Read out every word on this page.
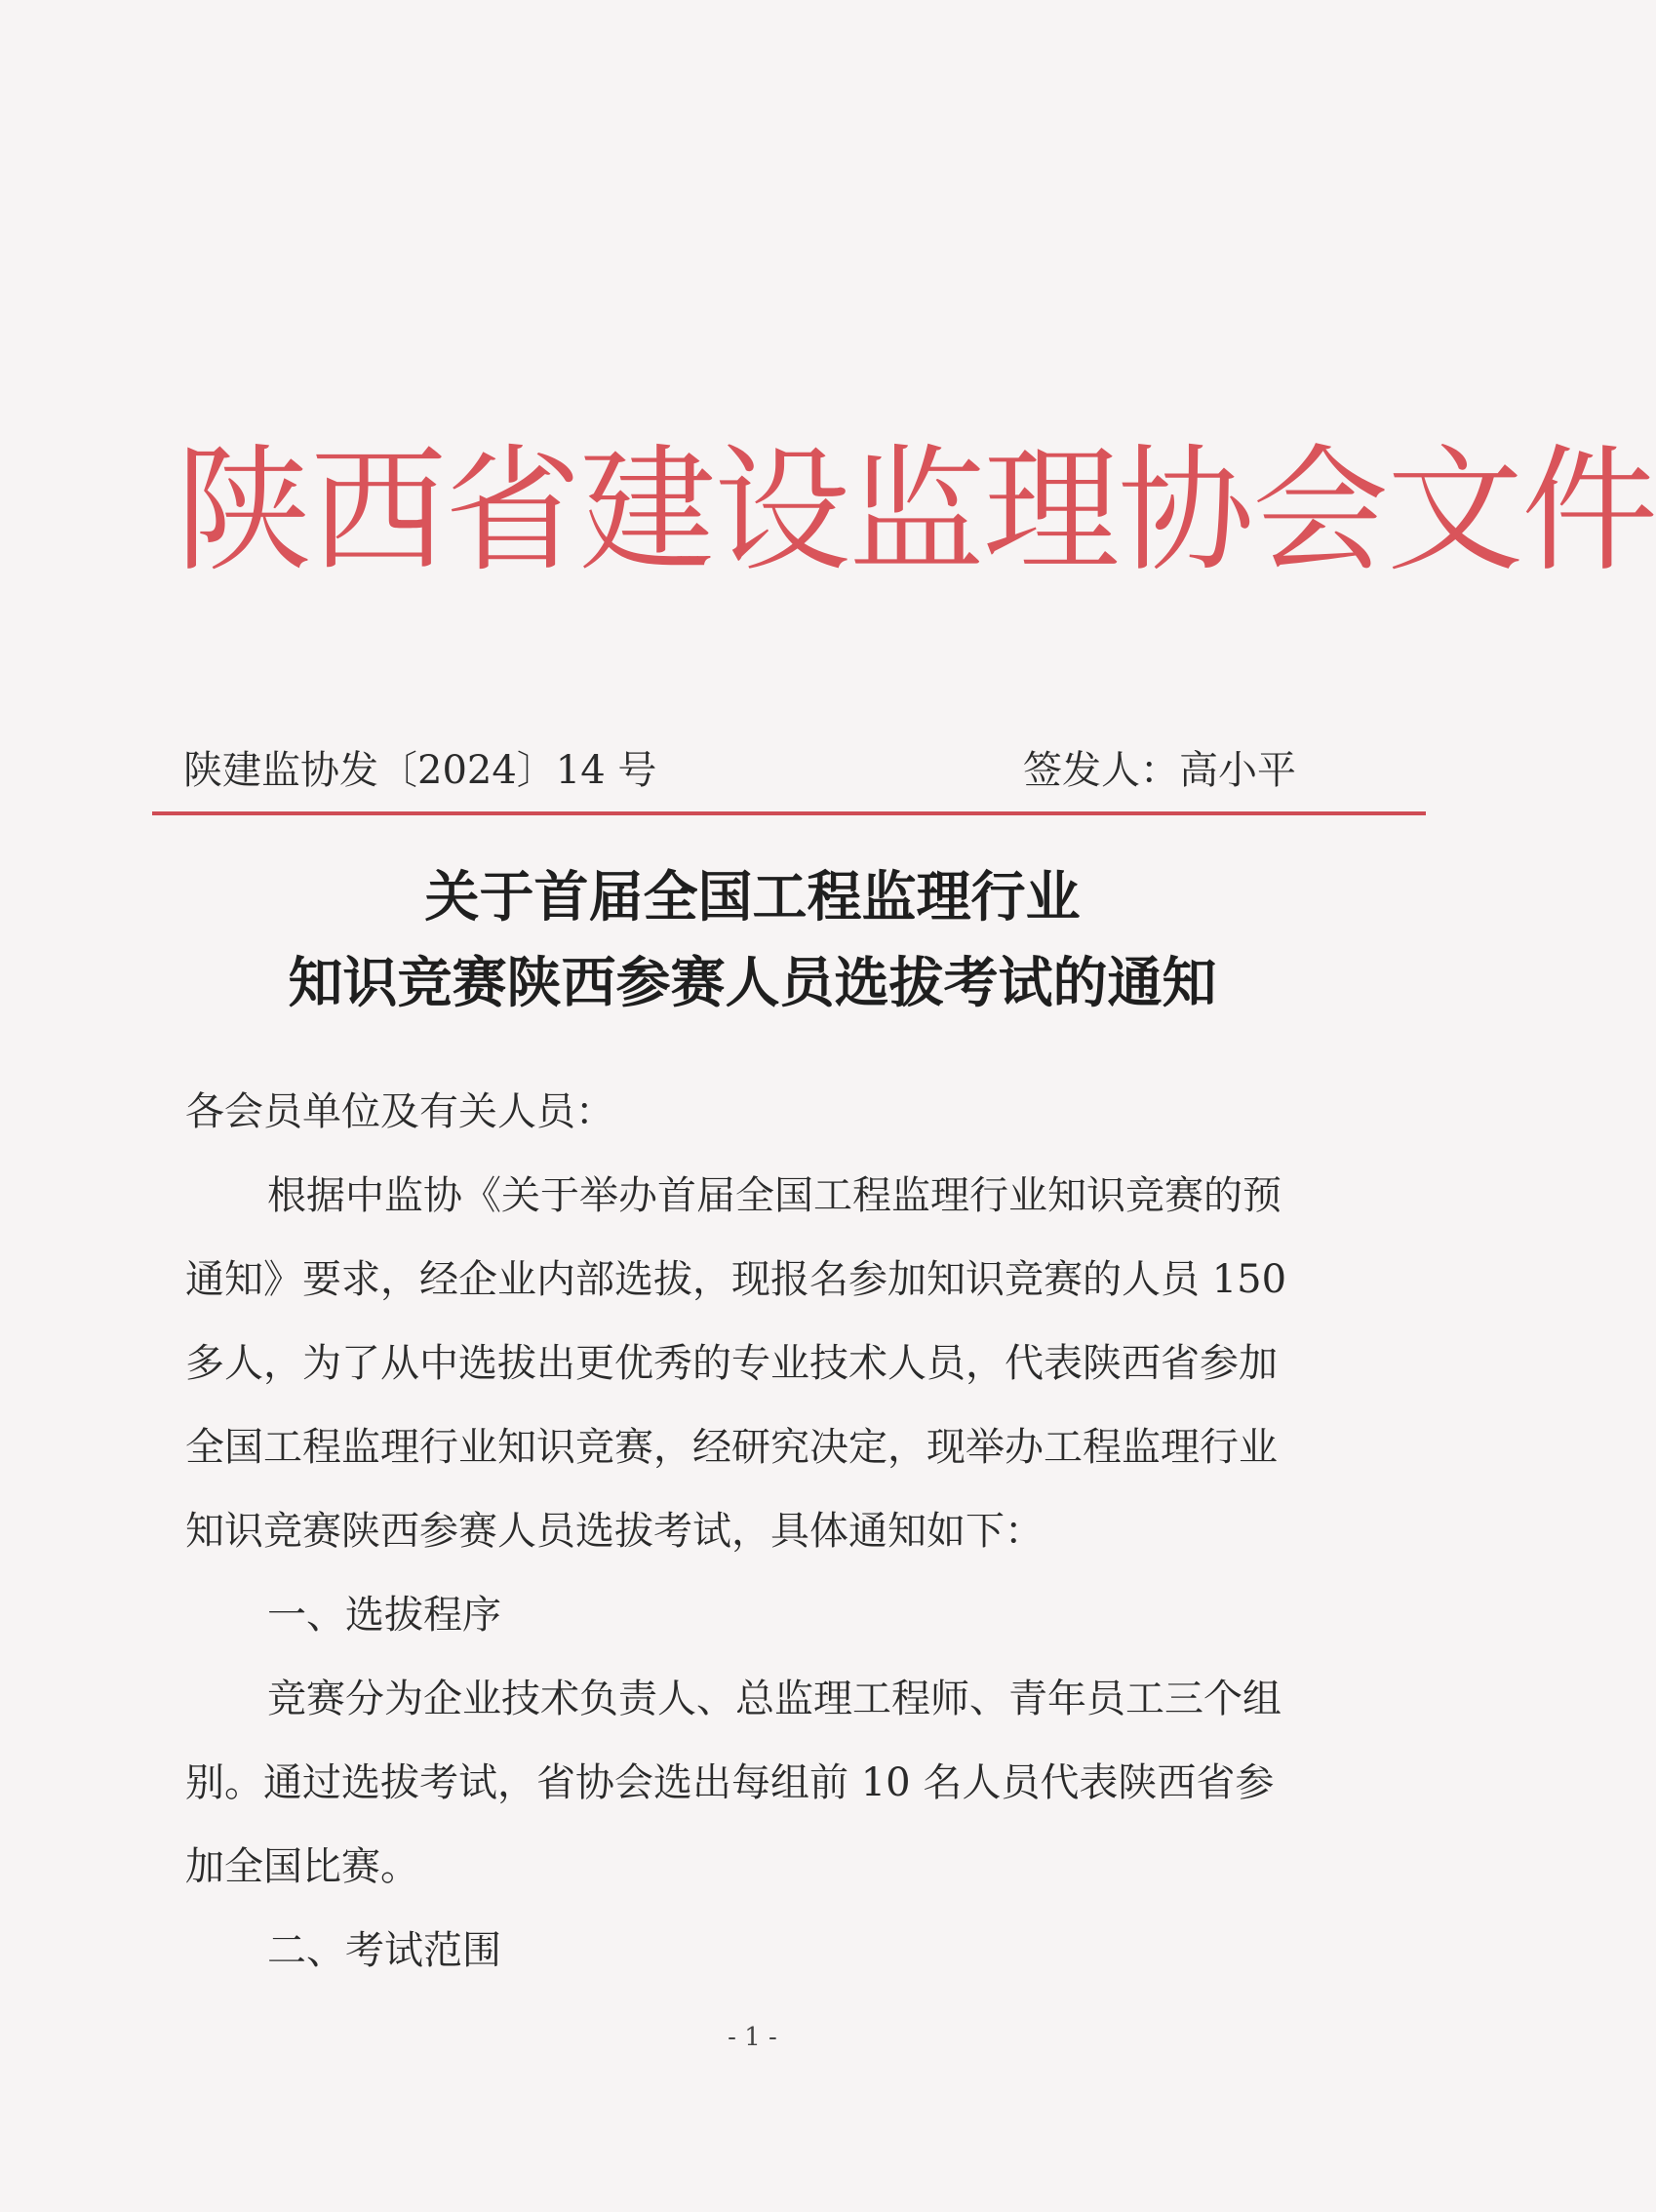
陕西省建设监理协会文件
陕建监协发〔2024〕14 号	签发人：高小平
关于首届全国工程监理行业
知识竞赛陕西参赛人员选拔考试的通知
各会员单位及有关人员：
根据中监协《关于举办首届全国工程监理行业知识竞赛的预
通知》要求，经企业内部选拔，现报名参加知识竞赛的人员 150
多人，为了从中选拔出更优秀的专业技术人员，代表陕西省参加
全国工程监理行业知识竞赛，经研究决定，现举办工程监理行业
知识竞赛陕西参赛人员选拔考试，具体通知如下：
一、选拔程序
竞赛分为企业技术负责人、总监理工程师、青年员工三个组
别。通过选拔考试，省协会选出每组前 10 名人员代表陕西省参
加全国比赛。
二、考试范围
- 1 -
